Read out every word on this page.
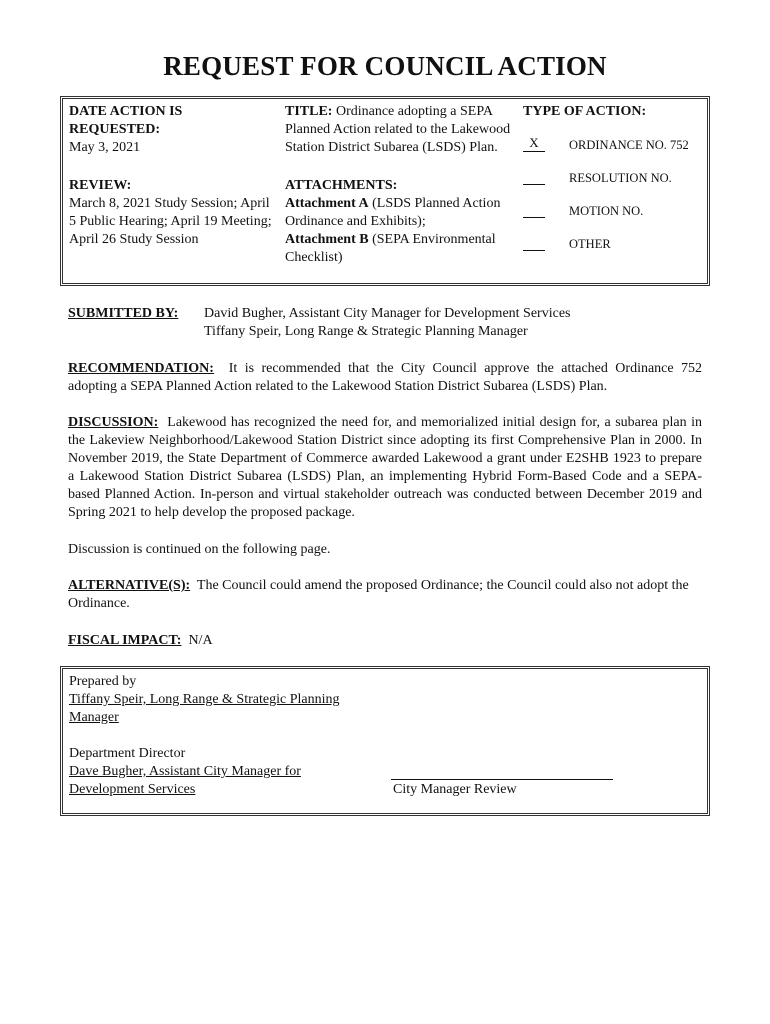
REQUEST FOR COUNCIL ACTION
DATE ACTION IS REQUESTED:
May 3, 2021
REVIEW:
March 8, 2021 Study Session; April 5 Public Hearing; April 19 Meeting; April 26 Study Session
TITLE: Ordinance adopting a SEPA Planned Action related to the Lakewood Station District Subarea (LSDS) Plan.
ATTACHMENTS:
Attachment A (LSDS Planned Action Ordinance and Exhibits);
Attachment B (SEPA Environmental Checklist)
TYPE OF ACTION:
X	ORDINANCE NO. 752
RESOLUTION NO.
MOTION NO.
OTHER
SUBMITTED BY: David Bugher, Assistant City Manager for Development Services
Tiffany Speir, Long Range & Strategic Planning Manager
RECOMMENDATION: It is recommended that the City Council approve the attached Ordinance 752 adopting a SEPA Planned Action related to the Lakewood Station District Subarea (LSDS) Plan.
DISCUSSION: Lakewood has recognized the need for, and memorialized initial design for, a subarea plan in the Lakeview Neighborhood/Lakewood Station District since adopting its first Comprehensive Plan in 2000. In November 2019, the State Department of Commerce awarded Lakewood a grant under E2SHB 1923 to prepare a Lakewood Station District Subarea (LSDS) Plan, an implementing Hybrid Form-Based Code and a SEPA-based Planned Action. In-person and virtual stakeholder outreach was conducted between December 2019 and Spring 2021 to help develop the proposed package.
Discussion is continued on the following page.
ALTERNATIVE(S): The Council could amend the proposed Ordinance; the Council could also not adopt the Ordinance.
FISCAL IMPACT: N/A
Prepared by
Tiffany Speir, Long Range & Strategic Planning Manager
Department Director
Dave Bugher, Assistant City Manager for Development Services	City Manager Review
